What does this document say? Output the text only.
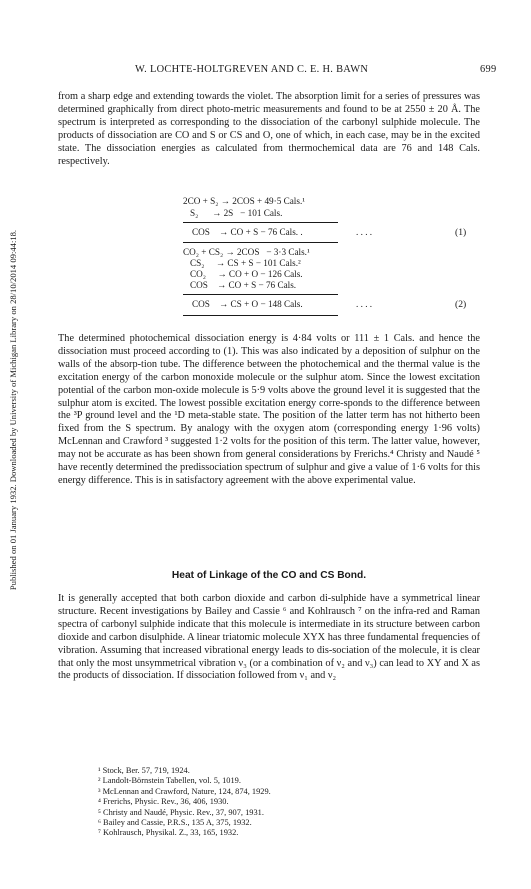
Published on 01 January 1932. Downloaded by University of Michigan Library on 28/10/2014 09:44:18.
W. LOCHTE-HOLTGREVEN AND C. E. H. BAWN	699

from a sharp edge and extending towards the violet. The absorption limit for a series of pressures was determined graphically from direct photo-metric measurements and found to be at 2550 ± 20 Å. The spectrum is interpreted as corresponding to the dissociation of the carbonyl sulphide molecule. The products of dissociation are CO and S or CS and O, one of which, in each case, may be in the excited state. The dissociation energies as calculated from thermochemical data are 76 and 148 Cals. respectively.

2CO + S₂ → 2COS + 49·5 Cals.¹
S₂      → 2S   − 101 Cals.
COS    → CO + S − 76 Cals. .	. . . .	(1)
CO₂ + CS₂ → 2COS   − 3·3 Cals.¹
CS₂     → CS + S − 101 Cals.²
CO₂     → CO + O − 126 Cals.
COS    → CO + S − 76 Cals.
COS    → CS + O − 148 Cals.	. . . .	(2)

The determined photochemical dissociation energy is 4·84 volts or 111 ± 1 Cals. and hence the dissociation must proceed according to (1). This was also indicated by a deposition of sulphur on the walls of the absorp-tion tube. The difference between the photochemical and the thermal value is the excitation energy of the carbon monoxide molecule or the sulphur atom. Since the lowest excitation potential of the carbon mon-oxide molecule is 5·9 volts above the ground level it is suggested that the sulphur atom is excited. The lowest possible excitation energy corre-sponds to the difference between the ³P ground level and the ¹D meta-stable state. The position of the latter term has not hitherto been fixed from the S spectrum. By analogy with the oxygen atom (corresponding energy 1·96 volts) McLennan and Crawford ³ suggested 1·2 volts for the position of this term. The latter value, however, may not be accurate as has been shown from general considerations by Frerichs.⁴ Christy and Naudé ⁵ have recently determined the predissociation spectrum of sulphur and give a value of 1·6 volts for this energy difference. This is in satisfactory agreement with the above experimental value.

Heat of Linkage of the CO and CS Bond.

It is generally accepted that both carbon dioxide and carbon di-sulphide have a symmetrical linear structure. Recent investigations by Bailey and Cassie ⁶ and Kohlrausch ⁷ on the infra-red and Raman spectra of carbonyl sulphide indicate that this molecule is intermediate in its structure between carbon dioxide and carbon disulphide. A linear triatomic molecule XYX has three fundamental frequencies of vibration. Assuming that increased vibrational energy leads to dis-sociation of the molecule, it is clear that only the most unsymmetrical vibration ν₃ (or a combination of ν₂ and ν₃) can lead to XY and X as the products of dissociation. If dissociation followed from ν₁ and ν₂

¹ Stock, Ber. 57, 719, 1924.
² Landolt-Börnstein Tabellen, vol. 5, 1019.
³ McLennan and Crawford, Nature, 124, 874, 1929.
⁴ Frerichs, Physic. Rev., 36, 406, 1930.
⁵ Christy and Naudé, Physic. Rev., 37, 907, 1931.
⁶ Bailey and Cassie, P.R.S., 135 A, 375, 1932.
⁷ Kohlrausch, Physikal. Z., 33, 165, 1932.
